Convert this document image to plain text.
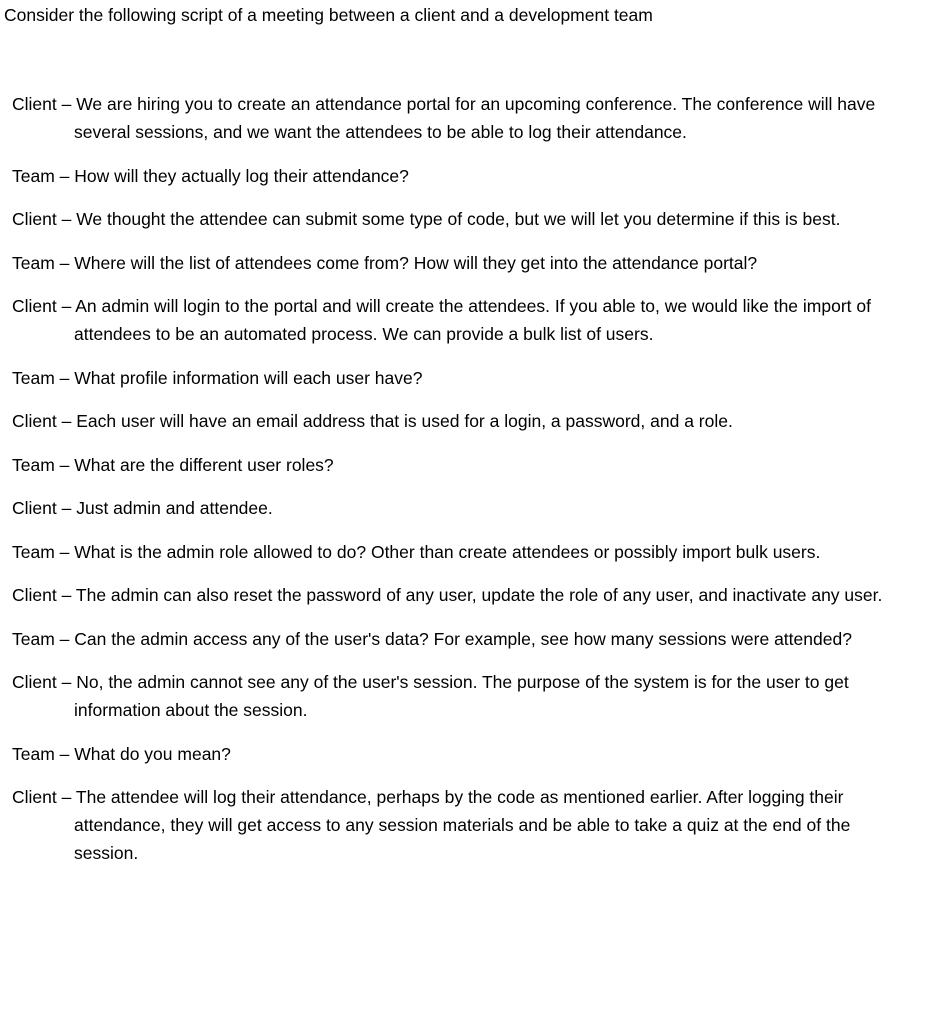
Consider the following script of a meeting between a client and a development team
Client – We are hiring you to create an attendance portal for an upcoming conference. The conference will have several sessions, and we want the attendees to be able to log their attendance.
Team – How will they actually log their attendance?
Client – We thought the attendee can submit some type of code, but we will let you determine if this is best.
Team – Where will the list of attendees come from? How will they get into the attendance portal?
Client – An admin will login to the portal and will create the attendees. If you able to, we would like the import of attendees to be an automated process. We can provide a bulk list of users.
Team – What profile information will each user have?
Client – Each user will have an email address that is used for a login, a password, and a role.
Team – What are the different user roles?
Client – Just admin and attendee.
Team – What is the admin role allowed to do? Other than create attendees or possibly import bulk users.
Client – The admin can also reset the password of any user, update the role of any user, and inactivate any user.
Team – Can the admin access any of the user's data? For example, see how many sessions were attended?
Client – No, the admin cannot see any of the user's session. The purpose of the system is for the user to get information about the session.
Team – What do you mean?
Client – The attendee will log their attendance, perhaps by the code as mentioned earlier. After logging their attendance, they will get access to any session materials and be able to take a quiz at the end of the session.
